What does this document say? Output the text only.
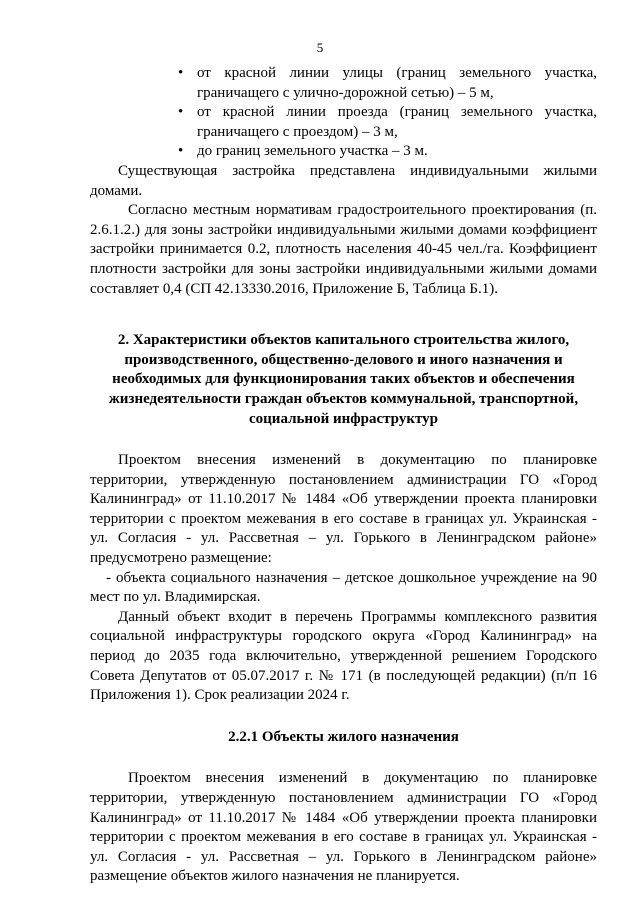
5
• от красной линии улицы (границ земельного участка, граничащего с улично-дорожной сетью) – 5 м,
• от красной линии проезда (границ земельного участка, граничащего с проездом) – 3 м,
• до границ земельного участка – 3 м.

Существующая застройка представлена индивидуальными жилыми домами.

Согласно местным нормативам градостроительного проектирования (п. 2.6.1.2.) для зоны застройки индивидуальными жилыми домами коэффициент застройки принимается 0.2, плотность населения 40-45 чел./га. Коэффициент плотности застройки для зоны застройки индивидуальными жилыми домами составляет 0,4 (СП 42.13330.2016, Приложение Б, Таблица Б.1).

2. Характеристики объектов капитального строительства жилого, производственного, общественно-делового и иного назначения и необходимых для функционирования таких объектов и обеспечения жизнедеятельности граждан объектов коммунальной, транспортной, социальной инфраструктур

Проектом внесения изменений в документацию по планировке территории, утвержденную постановлением администрации ГО «Город Калининград» от 11.10.2017 № 1484 «Об утверждении проекта планировки территории с проектом межевания в его составе в границах ул. Украинская - ул. Согласия - ул. Рассветная – ул. Горького в Ленинградском районе» предусмотрено размещение:

- объекта социального назначения – детское дошкольное учреждение на 90 мест по ул. Владимирская.

Данный объект входит в перечень Программы комплексного развития социальной инфраструктуры городского округа «Город Калининград» на период до 2035 года включительно, утвержденной решением Городского Совета Депутатов от 05.07.2017 г. № 171 (в последующей редакции) (п/п 16 Приложения 1). Срок реализации 2024 г.

2.2.1 Объекты жилого назначения

Проектом внесения изменений в документацию по планировке территории, утвержденную постановлением администрации ГО «Город Калининград» от 11.10.2017 № 1484 «Об утверждении проекта планировки территории с проектом межевания в его составе в границах ул. Украинская - ул. Согласия - ул. Рассветная – ул. Горького в Ленинградском районе» размещение объектов жилого назначения не планируется.
